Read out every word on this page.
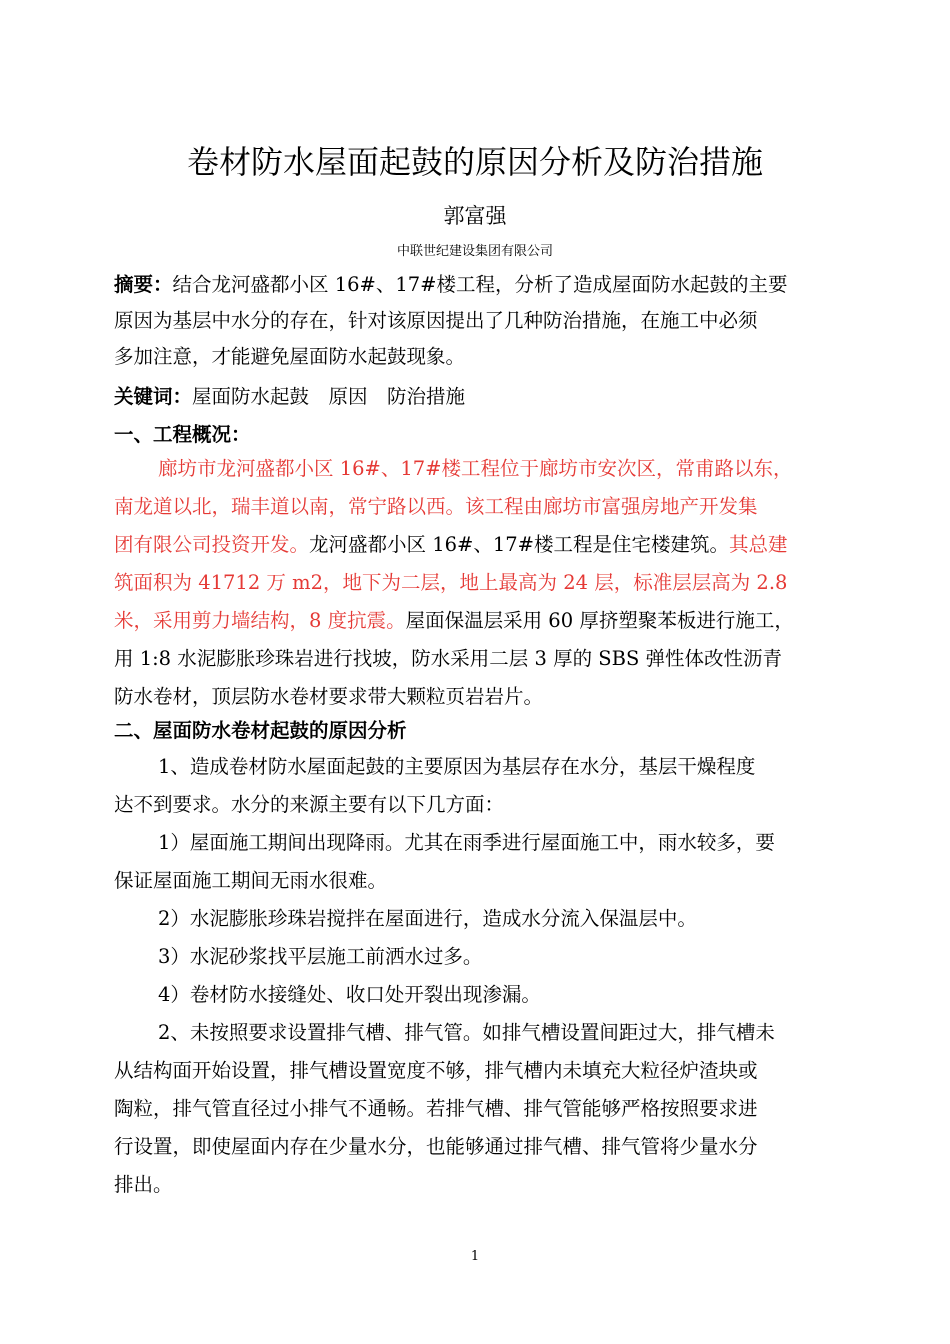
卷材防水屋面起鼓的原因分析及防治措施
郭富强
中联世纪建设集团有限公司
摘要：结合龙河盛都小区 16#、17#楼工程，分析了造成屋面防水起鼓的主要
原因为基层中水分的存在，针对该原因提出了几种防治措施，在施工中必须
多加注意，才能避免屋面防水起鼓现象。
关键词：屋面防水起鼓　原因　防治措施
一、工程概况：
廊坊市龙河盛都小区 16#、17#楼工程位于廊坊市安次区，常甫路以东，
南龙道以北，瑞丰道以南，常宁路以西。该工程由廊坊市富强房地产开发集
团有限公司投资开发。龙河盛都小区 16#、17#楼工程是住宅楼建筑。其总建
筑面积为 41712 万 m2，地下为二层，地上最高为 24 层，标准层层高为 2.8
米，采用剪力墙结构，8 度抗震。屋面保温层采用 60 厚挤塑聚苯板进行施工，
用 1:8 水泥膨胀珍珠岩进行找坡，防水采用二层 3 厚的 SBS 弹性体改性沥青
防水卷材，顶层防水卷材要求带大颗粒页岩岩片。
二、屋面防水卷材起鼓的原因分析
1、造成卷材防水屋面起鼓的主要原因为基层存在水分，基层干燥程度
达不到要求。水分的来源主要有以下几方面：
1）屋面施工期间出现降雨。尤其在雨季进行屋面施工中，雨水较多，要
保证屋面施工期间无雨水很难。
2）水泥膨胀珍珠岩搅拌在屋面进行，造成水分流入保温层中。
3）水泥砂浆找平层施工前洒水过多。
4）卷材防水接缝处、收口处开裂出现渗漏。
2、未按照要求设置排气槽、排气管。如排气槽设置间距过大，排气槽未
从结构面开始设置，排气槽设置宽度不够，排气槽内未填充大粒径炉渣块或
陶粒，排气管直径过小排气不通畅。若排气槽、排气管能够严格按照要求进
行设置，即使屋面内存在少量水分，也能够通过排气槽、排气管将少量水分
排出。
1
